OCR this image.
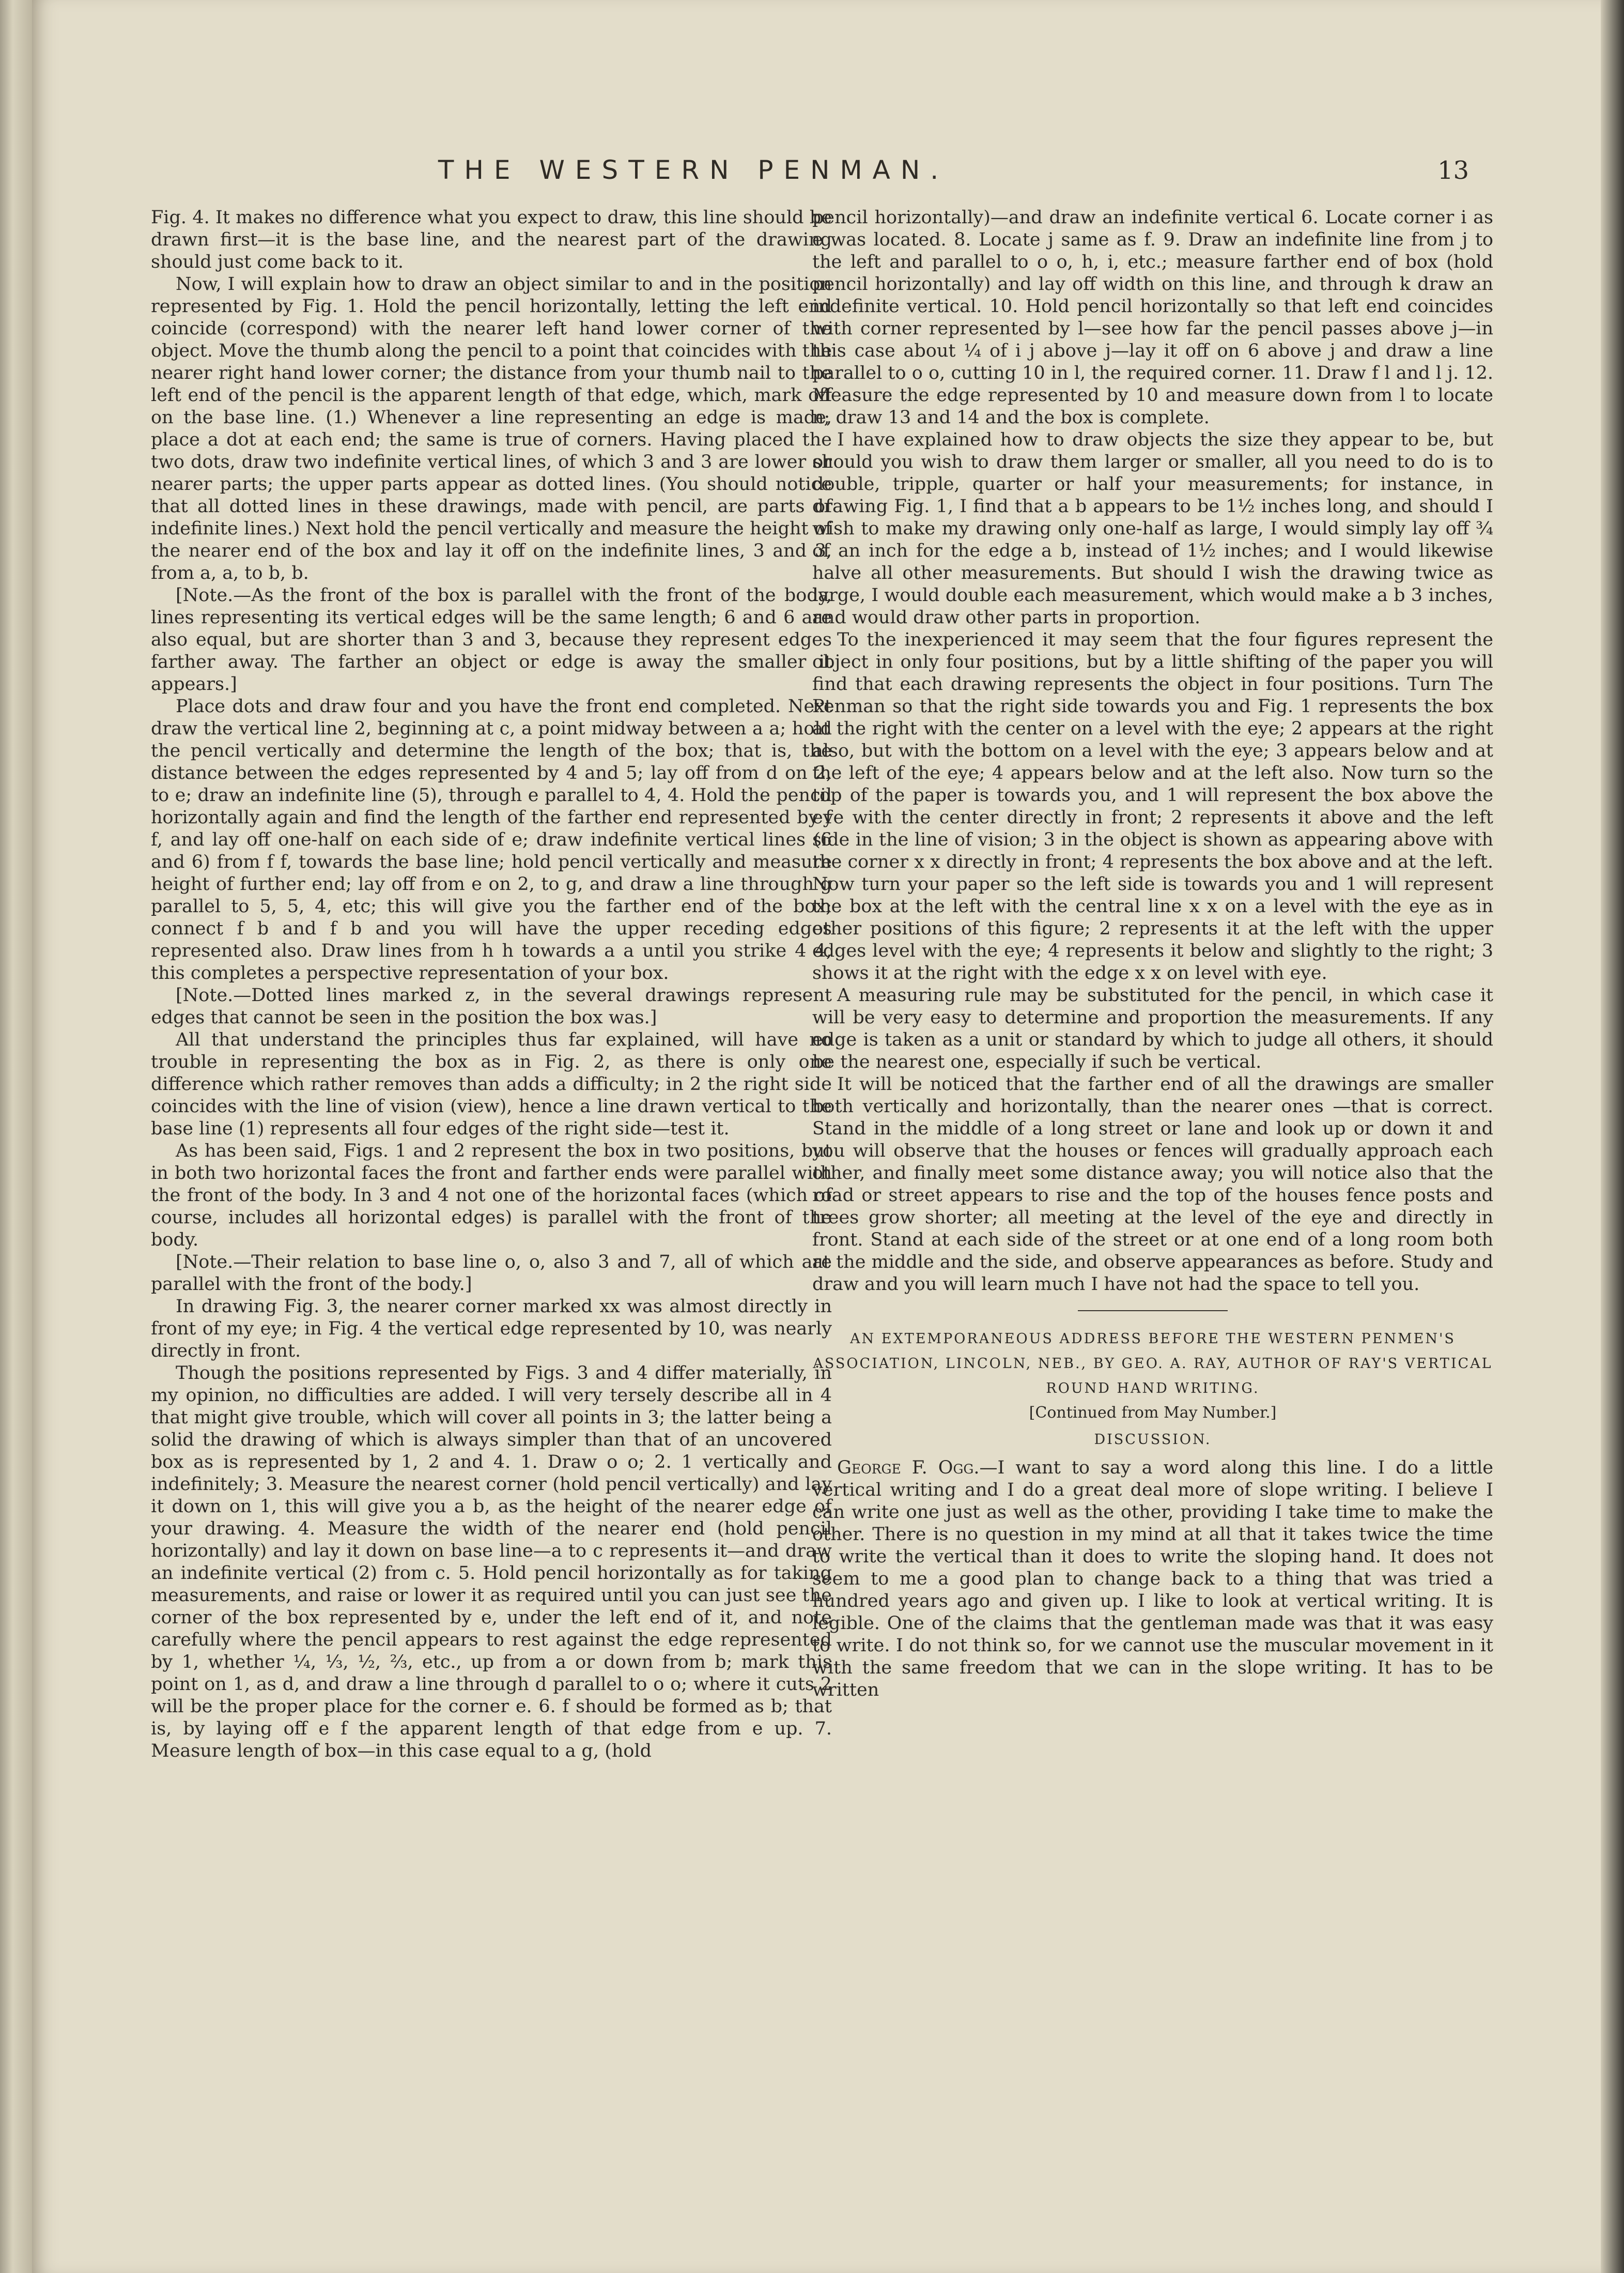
THE WESTERN PENMAN.	13

Fig. 4. It makes no difference what you expect to draw, this line should be drawn first—it is the base line, and the nearest part of the drawing should just come back to it.

Now, I will explain how to draw an object similar to and in the position represented by Fig. 1. Hold the pencil horizontally, letting the left end coincide (correspond) with the nearer left hand lower corner of the object. Move the thumb along the pencil to a point that coincides with the nearer right hand lower corner; the distance from your thumb nail to the left end of the pencil is the apparent length of that edge, which, mark off on the base line. (1.) Whenever a line representing an edge is made, place a dot at each end; the same is true of corners. Having placed the two dots, draw two indefinite vertical lines, of which 3 and 3 are lower or nearer parts; the upper parts appear as dotted lines. (You should notice that all dotted lines in these drawings, made with pencil, are parts of indefinite lines.) Next hold the pencil vertically and measure the height of the nearer end of the box and lay it off on the indefinite lines, 3 and 3, from a, a, to b, b.

[Note.—As the front of the box is parallel with the front of the body, lines representing its vertical edges will be the same length; 6 and 6 are also equal, but are shorter than 3 and 3, because they represent edges farther away. The farther an object or edge is away the smaller it appears.]

Place dots and draw four and you have the front end completed. Next draw the vertical line 2, beginning at c, a point midway between a a; hold the pencil vertically and determine the length of the box; that is, the distance between the edges represented by 4 and 5; lay off from d on 2, to e; draw an indefinite line (5), through e parallel to 4, 4. Hold the pencil horizontally again and find the length of the farther end represented by f f, and lay off one-half on each side of e; draw indefinite vertical lines (6 and 6) from f f, towards the base line; hold pencil vertically and measure height of further end; lay off from e on 2, to g, and draw a line through g parallel to 5, 5, 4, etc; this will give you the farther end of the box; connect f b and f b and you will have the upper receding edges represented also. Draw lines from h h towards a a until you strike 4 4, this completes a perspective representation of your box.

[Note.—Dotted lines marked z, in the several drawings represent edges that cannot be seen in the position the box was.]

All that understand the principles thus far explained, will have no trouble in representing the box as in Fig. 2, as there is only one difference which rather removes than adds a difficulty; in 2 the right side coincides with the line of vision (view), hence a line drawn vertical to the base line (1) represents all four edges of the right side—test it.

As has been said, Figs. 1 and 2 represent the box in two positions, but in both two horizontal faces the front and farther ends were parallel with the front of the body. In 3 and 4 not one of the horizontal faces (which of course, includes all horizontal edges) is parallel with the front of the body.

[Note.—Their relation to base line o, o, also 3 and 7, all of which are parallel with the front of the body.]

In drawing Fig. 3, the nearer corner marked xx was almost directly in front of my eye; in Fig. 4 the vertical edge represented by 10, was nearly directly in front.

Though the positions represented by Figs. 3 and 4 differ materially, in my opinion, no difficulties are added. I will very tersely describe all in 4 that might give trouble, which will cover all points in 3; the latter being a solid the drawing of which is always simpler than that of an uncovered box as is represented by 1, 2 and 4. 1. Draw o o; 2. 1 vertically and indefinitely; 3. Measure the nearest corner (hold pencil vertically) and lay it down on 1, this will give you a b, as the height of the nearer edge of your drawing. 4. Measure the width of the nearer end (hold pencil horizontally) and lay it down on base line—a to c represents it—and draw an indefinite vertical (2) from c. 5. Hold pencil horizontally as for taking measurements, and raise or lower it as required until you can just see the corner of the box represented by e, under the left end of it, and note carefully where the pencil appears to rest against the edge represented by 1, whether ¼, ⅓, ½, ⅔, etc., up from a or down from b; mark this point on 1, as d, and draw a line through d parallel to o o; where it cuts 2 will be the proper place for the corner e. 6. f should be formed as b; that is, by laying off e f the apparent length of that edge from e up. 7. Measure length of box—in this case equal to a g, (hold

pencil horizontally)—and draw an indefinite vertical 6. Locate corner i as e was located. 8. Locate j same as f. 9. Draw an indefinite line from j to the left and parallel to o o, h, i, etc.; measure farther end of box (hold pencil horizontally) and lay off width on this line, and through k draw an indefinite vertical. 10. Hold pencil horizontally so that left end coincides with corner represented by l—see how far the pencil passes above j—in this case about ¼ of i j above j—lay it off on 6 above j and draw a line parallel to o o, cutting 10 in l, the required corner. 11. Draw f l and l j. 12. Measure the edge represented by 10 and measure down from l to locate n; draw 13 and 14 and the box is complete.

I have explained how to draw objects the size they appear to be, but should you wish to draw them larger or smaller, all you need to do is to double, tripple, quarter or half your measurements; for instance, in drawing Fig. 1, I find that a b appears to be 1½ inches long, and should I wish to make my drawing only one-half as large, I would simply lay off ¾ of an inch for the edge a b, instead of 1½ inches; and I would likewise halve all other measurements. But should I wish the drawing twice as large, I would double each measurement, which would make a b 3 inches, and would draw other parts in proportion.

To the inexperienced it may seem that the four figures represent the object in only four positions, but by a little shifting of the paper you will find that each drawing represents the object in four positions. Turn The Penman so that the right side towards you and Fig. 1 represents the box at the right with the center on a level with the eye; 2 appears at the right also, but with the bottom on a level with the eye; 3 appears below and at the left of the eye; 4 appears below and at the left also. Now turn so the top of the paper is towards you, and 1 will represent the box above the eye with the center directly in front; 2 represents it above and the left side in the line of vision; 3 in the object is shown as appearing above with the corner x x directly in front; 4 represents the box above and at the left. Now turn your paper so the left side is towards you and 1 will represent the box at the left with the central line x x on a level with the eye as in other positions of this figure; 2 represents it at the left with the upper edges level with the eye; 4 represents it below and slightly to the right; 3 shows it at the right with the edge x x on level with eye.

A measuring rule may be substituted for the pencil, in which case it will be very easy to determine and proportion the measurements. If any edge is taken as a unit or standard by which to judge all others, it should be the nearest one, especially if such be vertical.

It will be noticed that the farther end of all the drawings are smaller both vertically and horizontally, than the nearer ones —that is correct. Stand in the middle of a long street or lane and look up or down it and you will observe that the houses or fences will gradually approach each other, and finally meet some distance away; you will notice also that the road or street appears to rise and the top of the houses fence posts and trees grow shorter; all meeting at the level of the eye and directly in front. Stand at each side of the street or at one end of a long room both at the middle and the side, and observe appearances as before. Study and draw and you will learn much I have not had the space to tell you.

AN EXTEMPORANEOUS ADDRESS BEFORE THE WESTERN PENMEN'S ASSOCIATION, LINCOLN, NEB., BY GEO. A. RAY, AUTHOR OF RAY'S VERTICAL ROUND HAND WRITING.
[Continued from May Number.]
DISCUSSION.

George F. Ogg.—I want to say a word along this line. I do a little vertical writing and I do a great deal more of slope writing. I believe I can write one just as well as the other, providing I take time to make the other. There is no question in my mind at all that it takes twice the time to write the vertical than it does to write the sloping hand. It does not seem to me a good plan to change back to a thing that was tried a hundred years ago and given up. I like to look at vertical writing. It is legible. One of the claims that the gentleman made was that it was easy to write. I do not think so, for we cannot use the muscular movement in it with the same freedom that we can in the slope writing. It has to be written
